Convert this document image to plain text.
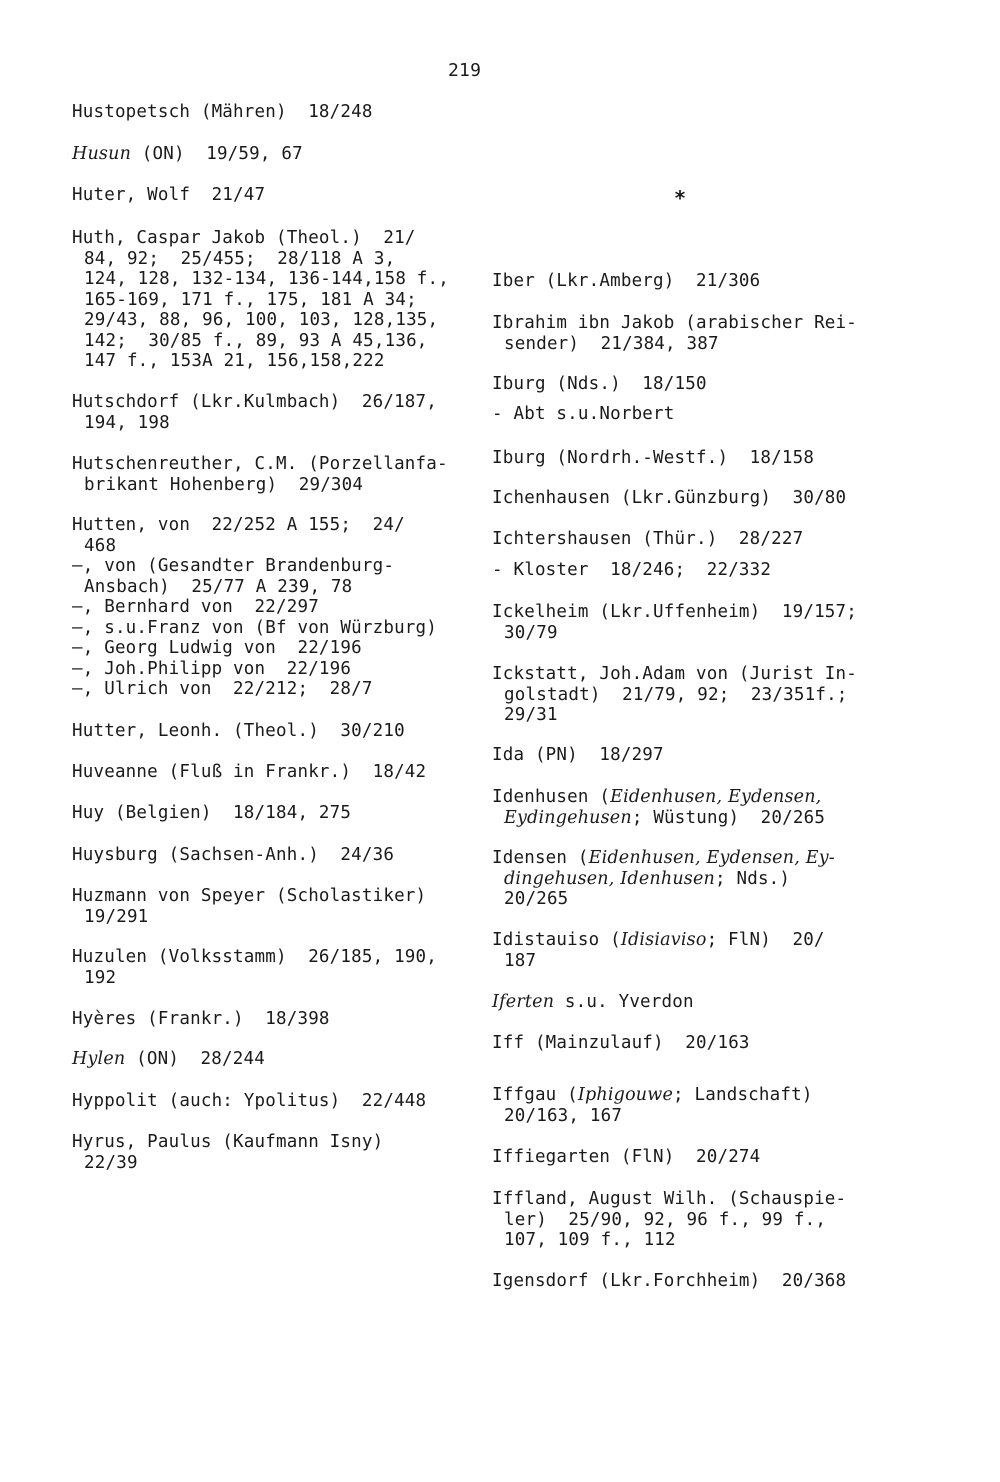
219
Hustopetsch (Mähren)  18/248
Husun (ON)  19/59, 67
Huter, Wolf  21/47
Huth, Caspar Jakob (Theol.)  21/
84, 92;  25/455;  28/118 A 3,
124, 128, 132-134, 136-144,158 f.,
165-169, 171 f., 175, 181 A 34;
29/43, 88, 96, 100, 103, 128,135,
142;  30/85 f., 89, 93 A 45,136,
147 f., 153A 21, 156,158,222
Hutschdorf (Lkr.Kulmbach)  26/187,
194, 198
Hutschenreuther, C.M. (Porzellanfa-
brikant Hohenberg)  29/304
Hutten, von  22/252 A 155;  24/
468
—, von (Gesandter Brandenburg-
Ansbach)  25/77 A 239, 78
—, Bernhard von  22/297
—, s.u.Franz von (Bf von Würzburg)
—, Georg Ludwig von  22/196
—, Joh.Philipp von  22/196
—, Ulrich von  22/212;  28/7
Hutter, Leonh. (Theol.)  30/210
Huveanne (Fluß in Frankr.)  18/42
Huy (Belgien)  18/184, 275
Huysburg (Sachsen-Anh.)  24/36
Huzmann von Speyer (Scholastiker)
19/291
Huzulen (Volksstamm)  26/185, 190,
192
Hyères (Frankr.)  18/398
Hylen (ON)  28/244
Hyppolit (auch: Ypolitus)  22/448
Hyrus, Paulus (Kaufmann Isny)
22/39
*
Iber (Lkr.Amberg)  21/306
Ibrahim ibn Jakob (arabischer Rei-
sender)  21/384, 387
Iburg (Nds.)  18/150
- Abt s.u.Norbert
Iburg (Nordrh.-Westf.)  18/158
Ichenhausen (Lkr.Günzburg)  30/80
Ichtershausen (Thür.)  28/227
- Kloster  18/246;  22/332
Ickelheim (Lkr.Uffenheim)  19/157;
30/79
Ickstatt, Joh.Adam von (Jurist In-
golstadt)  21/79, 92;  23/351f.;
29/31
Ida (PN)  18/297
Idenhusen (Eidenhusen, Eydensen,
Eydingehusen; Wüstung)  20/265
Idensen (Eidenhusen, Eydensen, Ey-
dingehusen, Idenhusen; Nds.)
20/265
Idistauiso (Idisiaviso; FlN)  20/
187
Iferten s.u. Yverdon
Iff (Mainzulauf)  20/163
Iffgau (Iphigouwe; Landschaft)
20/163, 167
Iffiegarten (FlN)  20/274
Iffland, August Wilh. (Schauspie-
ler)  25/90, 92, 96 f., 99 f.,
107, 109 f., 112
Igensdorf (Lkr.Forchheim)  20/368
